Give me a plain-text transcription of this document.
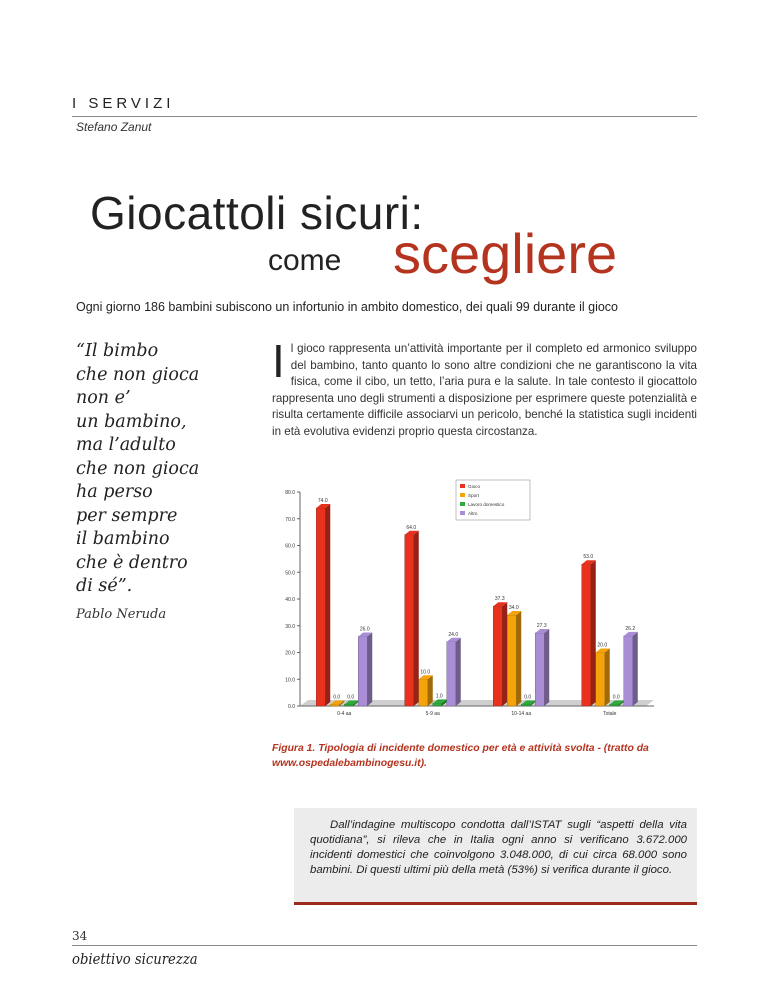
I SERVIZI
Stefano Zanut
Giocattoli sicuri:
come scegliere
Ogni giorno 186 bambini subiscono un infortunio in ambito domestico, dei quali 99 durante il gioco
“Il bimbo
che non gioca
non e’
un bambino,
ma l’adulto
che non gioca
ha perso
per sempre
il bambino
che è dentro
di sé”.
Pablo Neruda
Il gioco rappresenta un’attività importante per il completo ed armonico sviluppo del bambino, tanto quanto lo sono altre condizioni che ne garantiscono la vita fisica, come il cibo, un tetto, l’aria pura e la salute. In tale contesto il giocattolo rappresenta uno degli strumenti a disposizione per esprimere queste potenzialità e risulta certamente difficile associarvi un pericolo, benché la statistica sugli incidenti in età evolutiva evidenzi proprio questa circostanza.
0.0
10.0
20.0
30.0
40.0
50.0
60.0
70.0
80.0
74.0
0.0 0.0
26.0
0-4 aa
64.0
10.0
1.0
24.0
5-9 aa
37.3
34.0
0.0
27.3
10-14 aa
53.0
20.0
0.0
26.2
Totale
Gioco
Sport
Lavoro domestico
Altro
Figura 1. Tipologia di incidente domestico per età e attività svolta - (tratto da www.ospedalebambinogesu.it).

Dall’indagine multiscopo condotta dall’ISTAT sugli “aspetti della vita quotidiana”, si rileva che in Italia ogni anno si verificano 3.672.000 incidenti domestici che coinvolgono 3.048.000, di cui circa 68.000 sono bambini. Di questi ultimi più della metà (53%) si verifica durante il gioco.

34
obiettivo sicurezza
